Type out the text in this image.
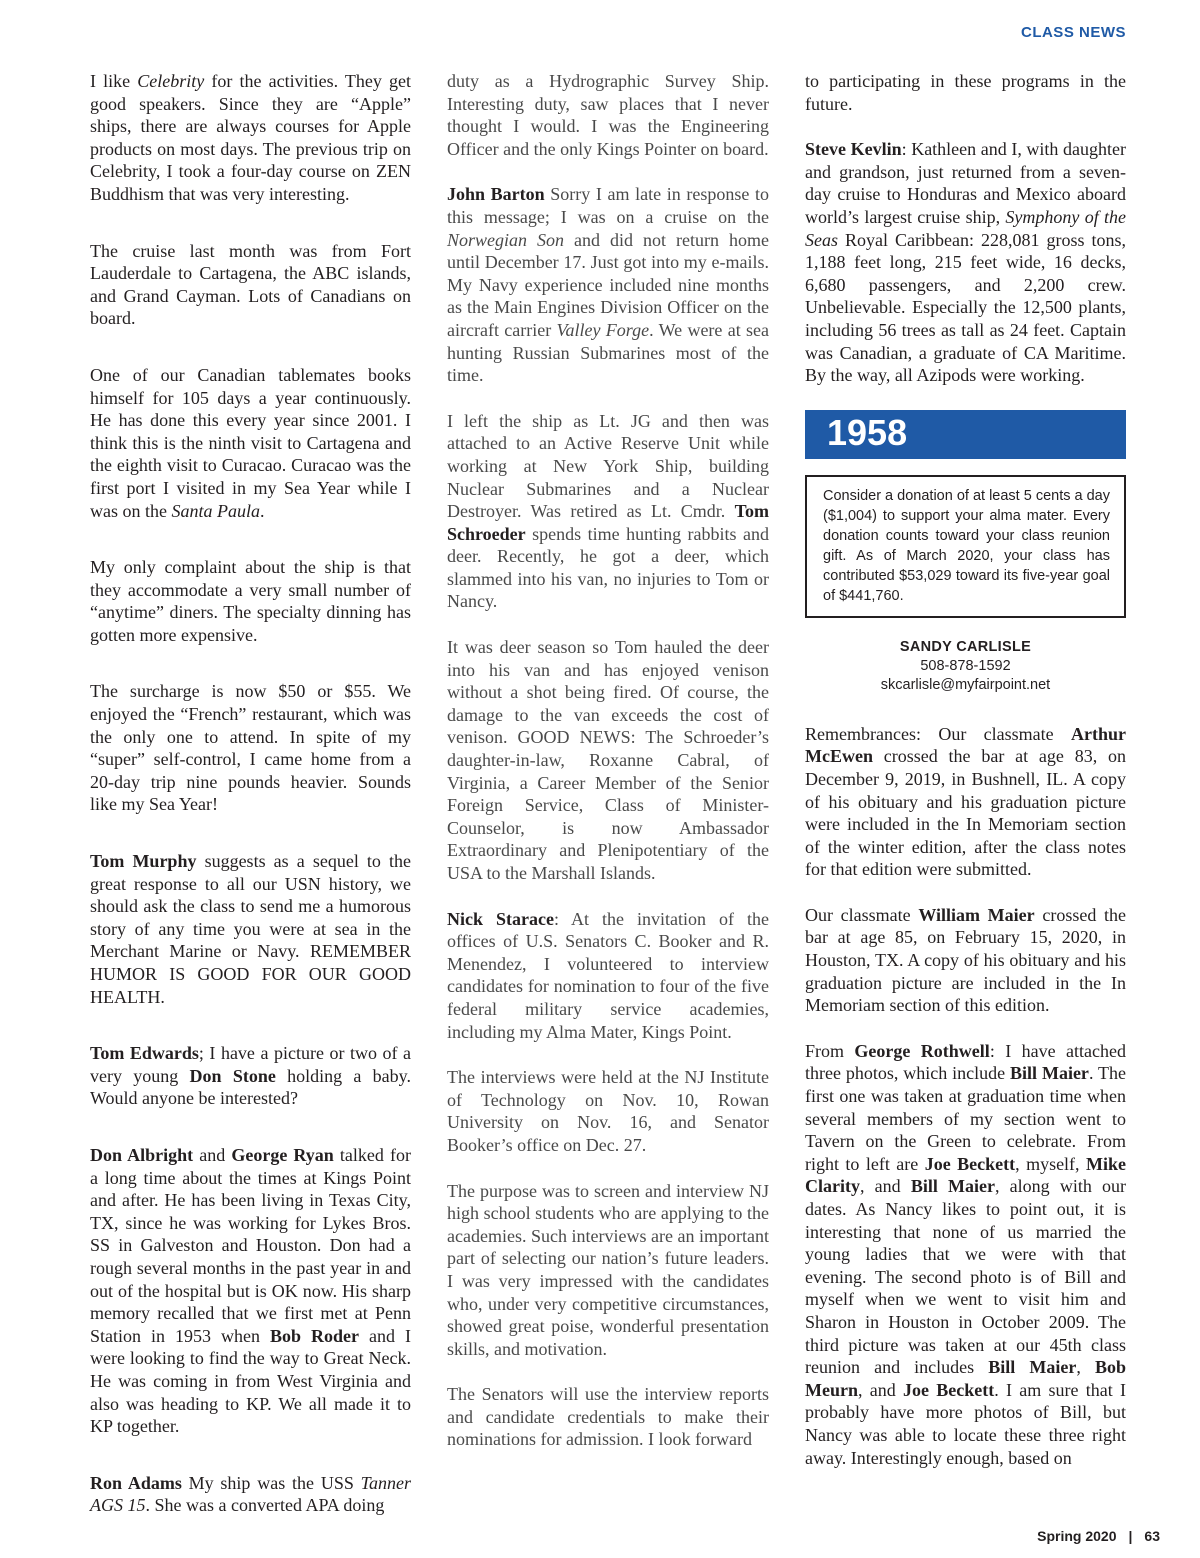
CLASS NEWS

I like Celebrity for the activities. They get good speakers. Since they are “Apple” ships, there are always courses for Apple products on most days. The previous trip on Celebrity, I took a four-day course on ZEN Buddhism that was very interesting.

The cruise last month was from Fort Lauderdale to Cartagena, the ABC islands, and Grand Cayman. Lots of Canadians on board.

One of our Canadian tablemates books himself for 105 days a year continuously. He has done this every year since 2001. I think this is the ninth visit to Cartagena and the eighth visit to Curacao. Curacao was the first port I visited in my Sea Year while I was on the Santa Paula.

My only complaint about the ship is that they accommodate a very small number of “anytime” diners. The specialty dinning has gotten more expensive.

The surcharge is now $50 or $55. We enjoyed the “French” restaurant, which was the only one to attend. In spite of my “super” self-control, I came home from a 20-day trip nine pounds heavier. Sounds like my Sea Year!

Tom Murphy suggests as a sequel to the great response to all our USN history, we should ask the class to send me a humorous story of any time you were at sea in the Merchant Marine or Navy. REMEMBER HUMOR IS GOOD FOR OUR GOOD HEALTH.

Tom Edwards; I have a picture or two of a very young Don Stone holding a baby. Would anyone be interested?

Don Albright and George Ryan talked for a long time about the times at Kings Point and after. He has been living in Texas City, TX, since he was working for Lykes Bros. SS in Galveston and Houston. Don had a rough several months in the past year in and out of the hospital but is OK now. His sharp memory recalled that we first met at Penn Station in 1953 when Bob Roder and I were looking to find the way to Great Neck. He was coming in from West Virginia and also was heading to KP. We all made it to KP together.

Ron Adams My ship was the USS Tanner AGS 15. She was a converted APA doing

duty as a Hydrographic Survey Ship. Interesting duty, saw places that I never thought I would. I was the Engineering Officer and the only Kings Pointer on board.

John Barton Sorry I am late in response to this message; I was on a cruise on the Norwegian Son and did not return home until December 17. Just got into my e-mails. My Navy experience included nine months as the Main Engines Division Officer on the aircraft carrier Valley Forge. We were at sea hunting Russian Submarines most of the time.

I left the ship as Lt. JG and then was attached to an Active Reserve Unit while working at New York Ship, building Nuclear Submarines and a Nuclear Destroyer. Was retired as Lt. Cmdr. Tom Schroeder spends time hunting rabbits and deer. Recently, he got a deer, which slammed into his van, no injuries to Tom or Nancy.

It was deer season so Tom hauled the deer into his van and has enjoyed venison without a shot being fired. Of course, the damage to the van exceeds the cost of venison. GOOD NEWS: The Schroeder’s daughter-in-law, Roxanne Cabral, of Virginia, a Career Member of the Senior Foreign Service, Class of Minister-Counselor, is now Ambassador Extraordinary and Plenipotentiary of the USA to the Marshall Islands.

Nick Starace: At the invitation of the offices of U.S. Senators C. Booker and R. Menendez, I volunteered to interview candidates for nomination to four of the five federal military service academies, including my Alma Mater, Kings Point.

The interviews were held at the NJ Institute of Technology on Nov. 10, Rowan University on Nov. 16, and Senator Booker’s office on Dec. 27.

The purpose was to screen and interview NJ high school students who are applying to the academies. Such interviews are an important part of selecting our nation’s future leaders. I was very impressed with the candidates who, under very competitive circumstances, showed great poise, wonderful presentation skills, and motivation.

The Senators will use the interview reports and candidate credentials to make their nominations for admission. I look forward

to participating in these programs in the future.

Steve Kevlin: Kathleen and I, with daughter and grandson, just returned from a seven-day cruise to Honduras and Mexico aboard world’s largest cruise ship, Symphony of the Seas Royal Caribbean: 228,081 gross tons, 1,188 feet long, 215 feet wide, 16 decks, 6,680 passengers, and 2,200 crew. Unbelievable. Especially the 12,500 plants, including 56 trees as tall as 24 feet. Captain was Canadian, a graduate of CA Maritime. By the way, all Azipods were working.

1958
Consider a donation of at least 5 cents a day ($1,004) to support your alma mater. Every donation counts toward your class reunion gift. As of March 2020, your class has contributed $53,029 toward its five-year goal of $441,760.
SANDY CARLISLE
508-878-1592
skcarlisle@myfairpoint.net

Remembrances: Our classmate Arthur McEwen crossed the bar at age 83, on December 9, 2019, in Bushnell, IL. A copy of his obituary and his graduation picture were included in the In Memoriam section of the winter edition, after the class notes for that edition were submitted.

Our classmate William Maier crossed the bar at age 85, on February 15, 2020, in Houston, TX. A copy of his obituary and his graduation picture are included in the In Memoriam section of this edition.

From George Rothwell: I have attached three photos, which include Bill Maier. The first one was taken at graduation time when several members of my section went to Tavern on the Green to celebrate. From right to left are Joe Beckett, myself, Mike Clarity, and Bill Maier, along with our dates. As Nancy likes to point out, it is interesting that none of us married the young ladies that we were with that evening. The second photo is of Bill and myself when we went to visit him and Sharon in Houston in October 2009. The third picture was taken at our 45th class reunion and includes Bill Maier, Bob Meurn, and Joe Beckett. I am sure that I probably have more photos of Bill, but Nancy was able to locate these three right away. Interestingly enough, based on

Spring 2020 | 63
